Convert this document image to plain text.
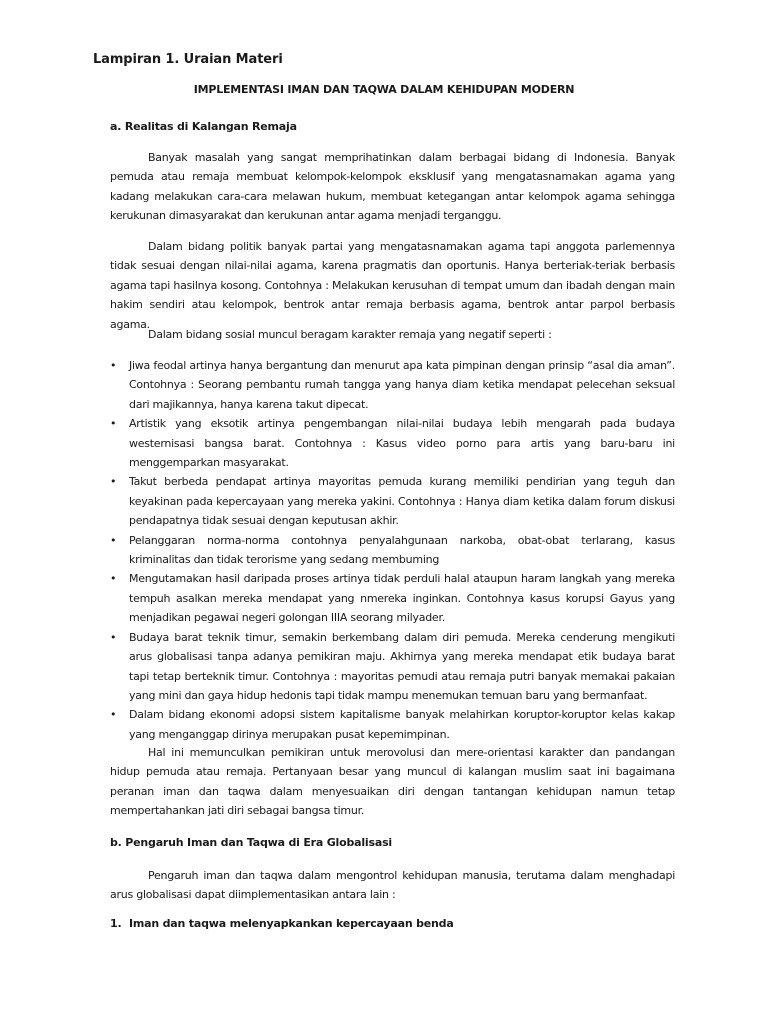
Lampiran 1. Uraian Materi
IMPLEMENTASI IMAN DAN TAQWA DALAM KEHIDUPAN MODERN
a. Realitas di Kalangan Remaja

Banyak masalah yang sangat memprihatinkan dalam berbagai bidang di Indonesia. Banyak pemuda atau remaja membuat kelompok-kelompok eksklusif yang mengatasnamakan agama yang kadang melakukan cara-cara melawan hukum, membuat ketegangan antar kelompok agama sehingga kerukunan dimasyarakat dan kerukunan antar agama menjadi terganggu.

Dalam bidang politik banyak partai yang mengatasnamakan agama tapi anggota parlemennya tidak sesuai dengan nilai-nilai agama, karena pragmatis dan oportunis. Hanya berteriak-teriak berbasis agama tapi hasilnya kosong. Contohnya : Melakukan kerusuhan di tempat umum dan ibadah dengan main hakim sendiri atau kelompok, bentrok antar remaja berbasis agama, bentrok antar parpol berbasis agama.

Dalam bidang sosial muncul beragam karakter remaja yang negatif seperti :

• Jiwa feodal artinya hanya bergantung dan menurut apa kata pimpinan dengan prinsip “asal dia aman”. Contohnya : Seorang pembantu rumah tangga yang hanya diam ketika mendapat pelecehan seksual dari majikannya, hanya karena takut dipecat.
• Artistik yang eksotik artinya pengembangan nilai-nilai budaya lebih mengarah pada budaya westernisasi bangsa barat. Contohnya : Kasus video porno para artis yang baru-baru ini menggemparkan masyarakat.
• Takut berbeda pendapat artinya mayoritas pemuda kurang memiliki pendirian yang teguh dan keyakinan pada kepercayaan yang mereka yakini. Contohnya : Hanya diam ketika dalam forum diskusi pendapatnya tidak sesuai dengan keputusan akhir.
• Pelanggaran norma-norma contohnya penyalahgunaan narkoba, obat-obat terlarang, kasus kriminalitas dan tidak terorisme yang sedang membuming
• Mengutamakan hasil daripada proses artinya tidak perduli halal ataupun haram langkah yang mereka tempuh asalkan mereka mendapat yang nmereka inginkan. Contohnya kasus korupsi Gayus yang menjadikan pegawai negeri golongan IIIA seorang milyader.
• Budaya barat teknik timur, semakin berkembang dalam diri pemuda. Mereka cenderung mengikuti arus globalisasi tanpa adanya pemikiran maju. Akhirnya yang mereka mendapat etik budaya barat tapi tetap berteknik timur. Contohnya : mayoritas pemudi atau remaja putri banyak memakai pakaian yang mini dan gaya hidup hedonis tapi tidak mampu menemukan temuan baru yang bermanfaat.
• Dalam bidang ekonomi adopsi sistem kapitalisme banyak melahirkan koruptor-koruptor kelas kakap yang menganggap dirinya merupakan pusat kepemimpinan.

Hal ini memunculkan pemikiran untuk merovolusi dan mere-orientasi karakter dan pandangan hidup pemuda atau remaja. Pertanyaan besar yang muncul di kalangan muslim saat ini bagaimana peranan iman dan taqwa dalam menyesuaikan diri dengan tantangan kehidupan namun tetap mempertahankan jati diri sebagai bangsa timur.

b. Pengaruh Iman dan Taqwa di Era Globalisasi

Pengaruh iman dan taqwa dalam mengontrol kehidupan manusia, terutama dalam menghadapi arus globalisasi dapat diimplementasikan antara lain :

1. Iman dan taqwa melenyapkankan kepercayaan benda
